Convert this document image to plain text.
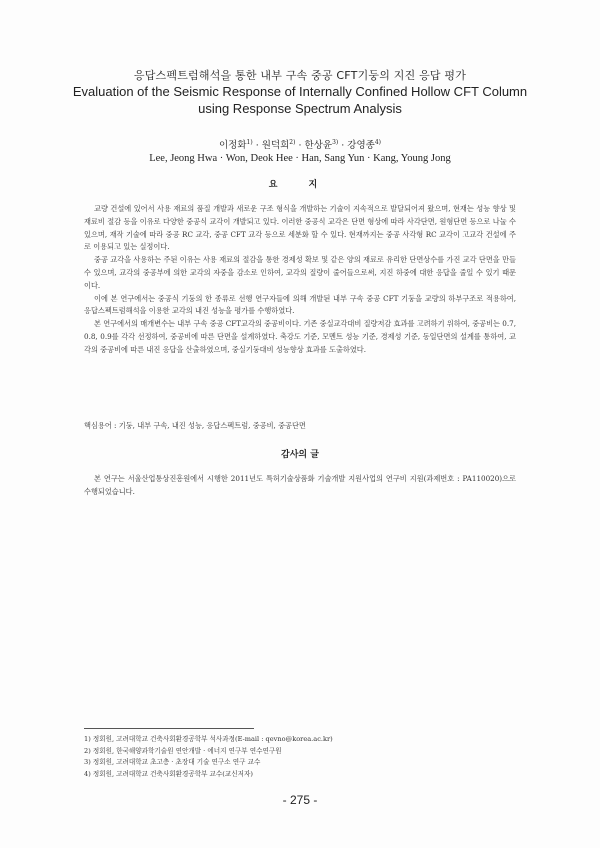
응답스펙트럼해석을 통한 내부 구속 중공 CFT기둥의 지진 응답 평가
Evaluation of the Seismic Response of Internally Confined Hollow CFT Column
using Response Spectrum Analysis
이정화$^{1)}$ · 원덕희$^{2)}$ · 한상윤$^{3)}$ · 강영종$^{4)}$
Lee, Jeong Hwa · Won, Deok Hee · Han, Sang Yun · Kang, Young Jong
요 지

교량 건설에 있어서 사용 재료의 품질 개발과 새로운 구조 형식을 개발하는 기술이 지속적으로 발달되어져 왔으며, 현재는 성능 향상 및 재료비 절감 등을 이유로 다양한 중공식 교각이 개발되고 있다. 이러한 중공식 교각은 단면 형상에 따라 사각단면, 원형단면 등으로 나눌 수 있으며, 재작 기술에 따라 중공 RC 교각, 중공 CFT 교각 등으로 세분화 할 수 있다. 현재까지는 중공 사각형 RC 교각이 고교각 건설에 주로 이용되고 있는 실정이다.

중공 교각을 사용하는 주된 이유는 사용 재료의 절감을 통한 경제성 확보 및 같은 양의 재료로 유리한 단면상수를 가진 교각 단면을 만들 수 있으며, 교각의 중공부에 의한 교각의 자중을 감소로 인하여, 교각의 질량이 줄어들으로써, 지진 하중에 대한 응답을 줄일 수 있기 때문이다.

이에 본 연구에서는 중공식 기둥의 한 종류로 선행 연구자들에 의해 개발된 내부 구속 중공 CFT 기둥을 교량의 하부구조로 적용하여, 응답스펙트럼해석을 이용한 교각의 내진 성능을 평가를 수행하였다.

본 연구에서의 매개변수는 내부 구속 중공 CFT교각의 중공비이다. 기존 중실교각대비 질량저감 효과를 고려하기 위하여, 중공비는 0.7, 0.8, 0.9를 각각 선정하여, 중공비에 따른 단면을 설계하였다. 축강도 기준, 모멘트 성능 기준, 경제성 기준, 동일단면의 설계를 통하여, 교각의 중공비에 따른 내진 응답을 산출하였으며, 중실기둥대비 성능향상 효과를 도출하였다.

핵심용어 : 기둥, 내부 구속, 내진 성능, 응답스펙트럼, 중공비, 중공단면
감사의 글

본 연구는 서울산업통상진흥원에서 시행한 2011년도 특허기술상품화 기술개발 지원사업의 연구비 지원(과제번호 : PA110020)으로 수행되었습니다.

1) 정회원, 고려대학교 건축사회환경공학부 석사과정(E-mail : qevno@korea.ac.kr)
2) 정회원, 한국해양과학기술원 연안개발 · 에너지 연구부 연수연구원
3) 정회원, 고려대학교 초고층 · 초장대 기술 연구소 연구 교수
4) 정회원, 고려대학교 건축사회환경공학부 교수(교신저자)
- 275 -
